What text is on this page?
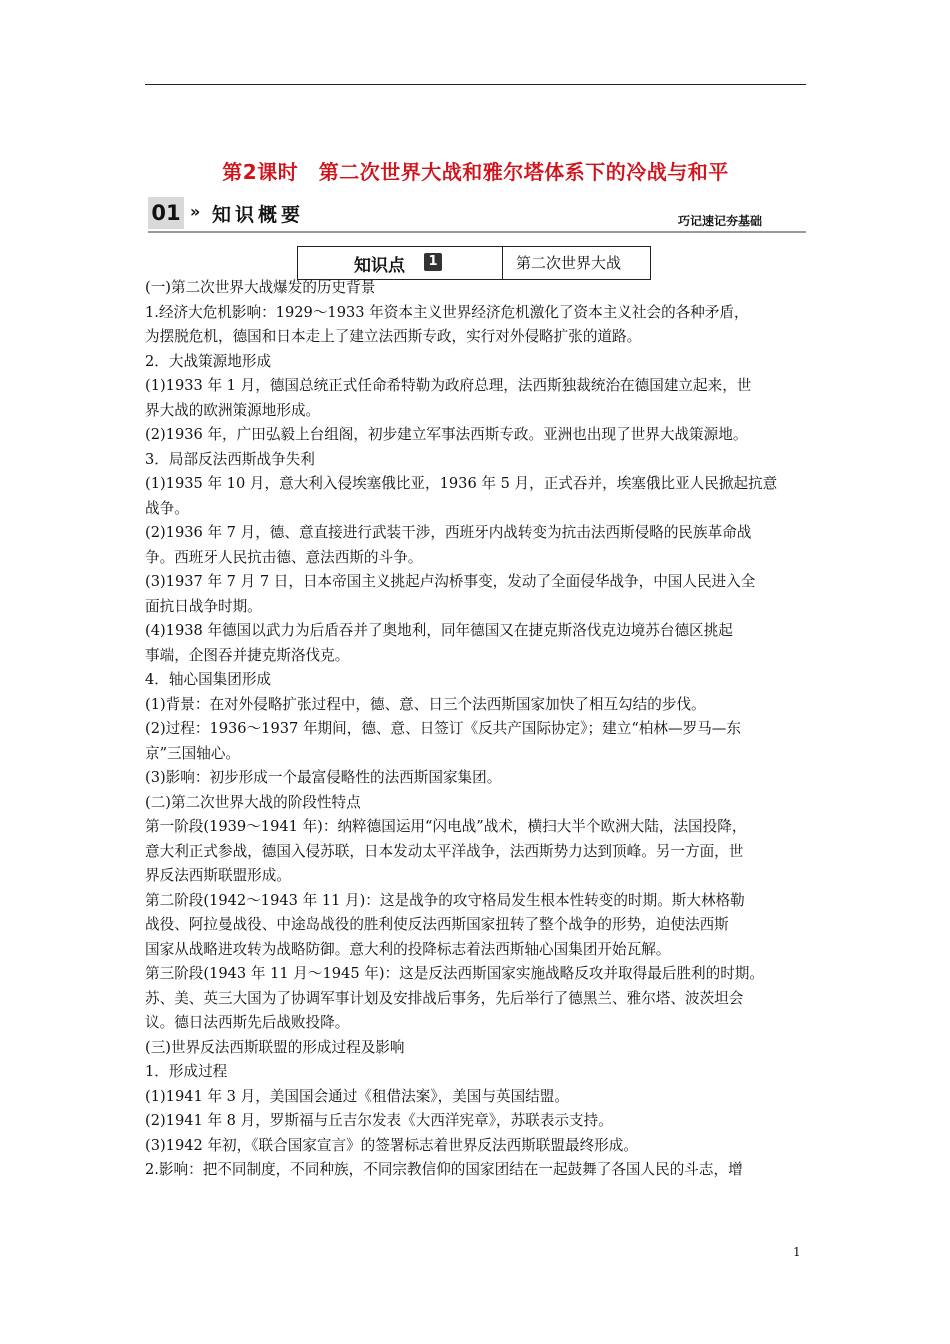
第2课时　第二次世界大战和雅尔塔体系下的冷战与和平
01 » 知识概要	巧记速记夯基础
知识点	1	第二次世界大战
(一)第二次世界大战爆发的历史背景
1.经济大危机影响：1929～1933 年资本主义世界经济危机激化了资本主义社会的各种矛盾，
为摆脱危机，德国和日本走上了建立法西斯专政，实行对外侵略扩张的道路。
2．大战策源地形成
(1)1933 年 1 月，德国总统正式任命希特勒为政府总理，法西斯独裁统治在德国建立起来，世
界大战的欧洲策源地形成。
(2)1936 年，广田弘毅上台组阁，初步建立军事法西斯专政。亚洲也出现了世界大战策源地。
3．局部反法西斯战争失利
(1)1935 年 10 月，意大利入侵埃塞俄比亚，1936 年 5 月，正式吞并，埃塞俄比亚人民掀起抗意
战争。
(2)1936 年 7 月，德、意直接进行武装干涉，西班牙内战转变为抗击法西斯侵略的民族革命战
争。西班牙人民抗击德、意法西斯的斗争。
(3)1937 年 7 月 7 日，日本帝国主义挑起卢沟桥事变，发动了全面侵华战争，中国人民进入全
面抗日战争时期。
(4)1938 年德国以武力为后盾吞并了奥地利，同年德国又在捷克斯洛伐克边境苏台德区挑起
事端，企图吞并捷克斯洛伐克。
4．轴心国集团形成
(1)背景：在对外侵略扩张过程中，德、意、日三个法西斯国家加快了相互勾结的步伐。
(2)过程：1936～1937 年期间，德、意、日签订《反共产国际协定》；建立“柏林—罗马—东
京”三国轴心。
(3)影响：初步形成一个最富侵略性的法西斯国家集团。
(二)第二次世界大战的阶段性特点
第一阶段(1939～1941 年)：纳粹德国运用“闪电战”战术，横扫大半个欧洲大陆，法国投降，
意大利正式参战，德国入侵苏联，日本发动太平洋战争，法西斯势力达到顶峰。另一方面，世
界反法西斯联盟形成。
第二阶段(1942～1943 年 11 月)：这是战争的攻守格局发生根本性转变的时期。斯大林格勒
战役、阿拉曼战役、中途岛战役的胜利使反法西斯国家扭转了整个战争的形势，迫使法西斯
国家从战略进攻转为战略防御。意大利的投降标志着法西斯轴心国集团开始瓦解。
第三阶段(1943 年 11 月～1945 年)：这是反法西斯国家实施战略反攻并取得最后胜利的时期。
苏、美、英三大国为了协调军事计划及安排战后事务，先后举行了德黑兰、雅尔塔、波茨坦会
议。德日法西斯先后战败投降。
(三)世界反法西斯联盟的形成过程及影响
1．形成过程
(1)1941 年 3 月，美国国会通过《租借法案》，美国与英国结盟。
(2)1941 年 8 月，罗斯福与丘吉尔发表《大西洋宪章》，苏联表示支持。
(3)1942 年初，《联合国家宣言》的签署标志着世界反法西斯联盟最终形成。
2.影响：把不同制度，不同种族，不同宗教信仰的国家团结在一起鼓舞了各国人民的斗志，增
1
